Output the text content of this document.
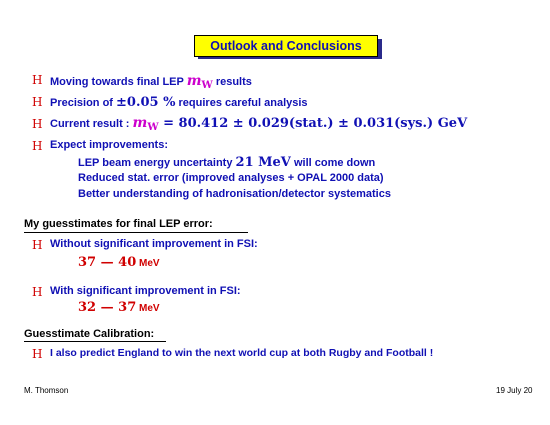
Outlook and Conclusions
H Moving towards final LEP mW results
H Precision of ±0.05 % requires careful analysis
H Current result : mW = 80.412 ± 0.029(stat.) ± 0.031(sys.) GeV
H Expect improvements:
LEP beam energy uncertainty 21 MeV will come down
Reduced stat. error (improved analyses + OPAL 2000 data)
Better understanding of hadronisation/detector systematics
My guesstimates for final LEP error:
H Without significant improvement in FSI:
37 — 40 MeV
H With significant improvement in FSI:
32 — 37 MeV
Guesstimate Calibration:
H I also predict England to win the next world cup at both Rugby and Football !
M. Thomson	19 July 20
